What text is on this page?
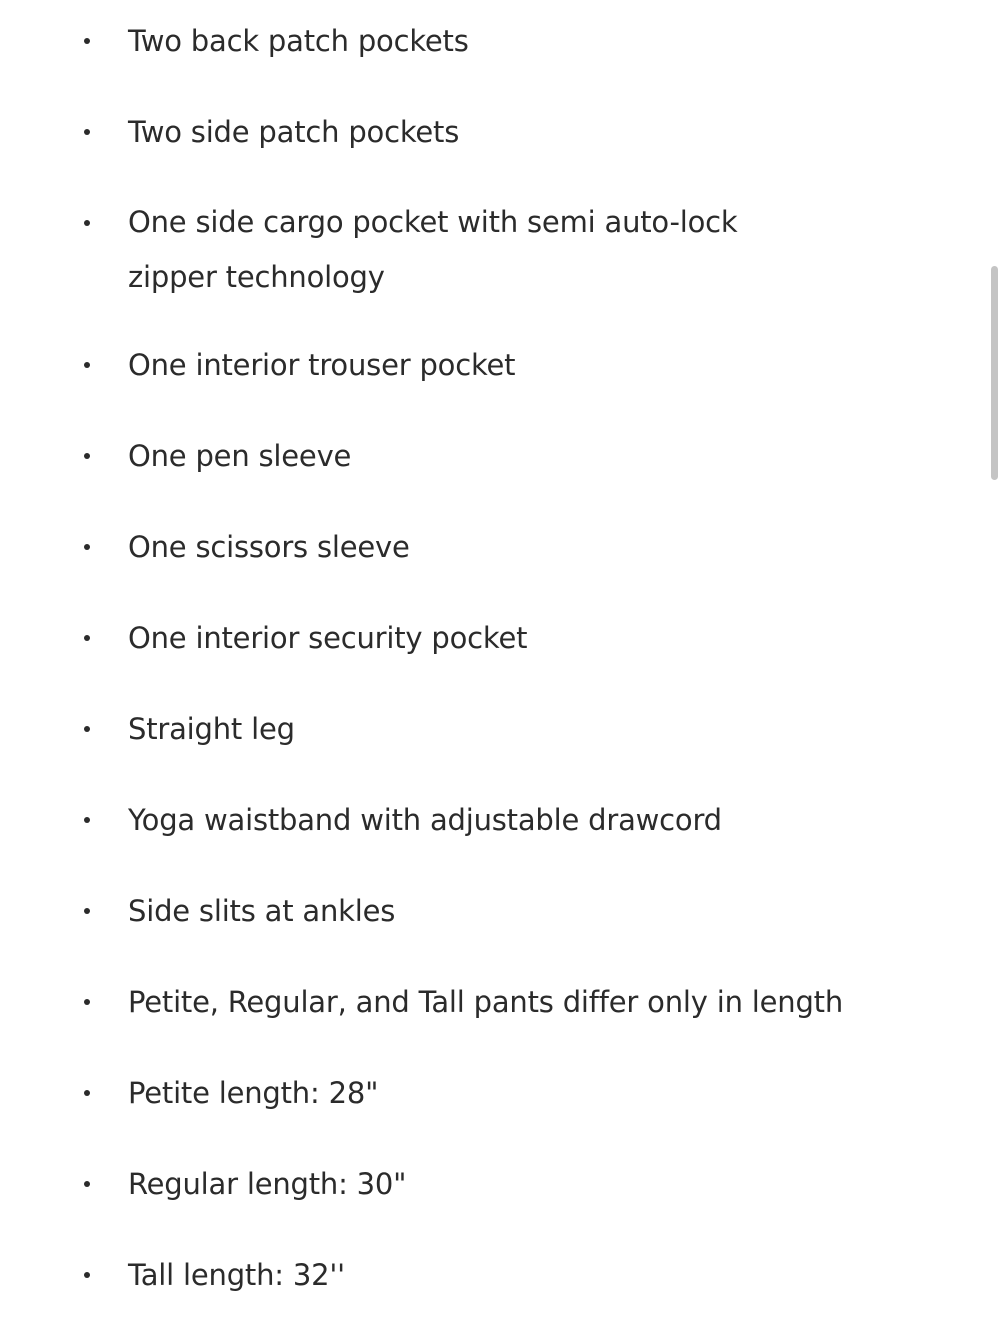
Two back patch pockets
Two side patch pockets
One side cargo pocket with semi auto-lock zipper technology
One interior trouser pocket
One pen sleeve
One scissors sleeve
One interior security pocket
Straight leg
Yoga waistband with adjustable drawcord
Side slits at ankles
Petite, Regular, and Tall pants differ only in length
Petite length: 28"
Regular length: 30"
Tall length: 32''
